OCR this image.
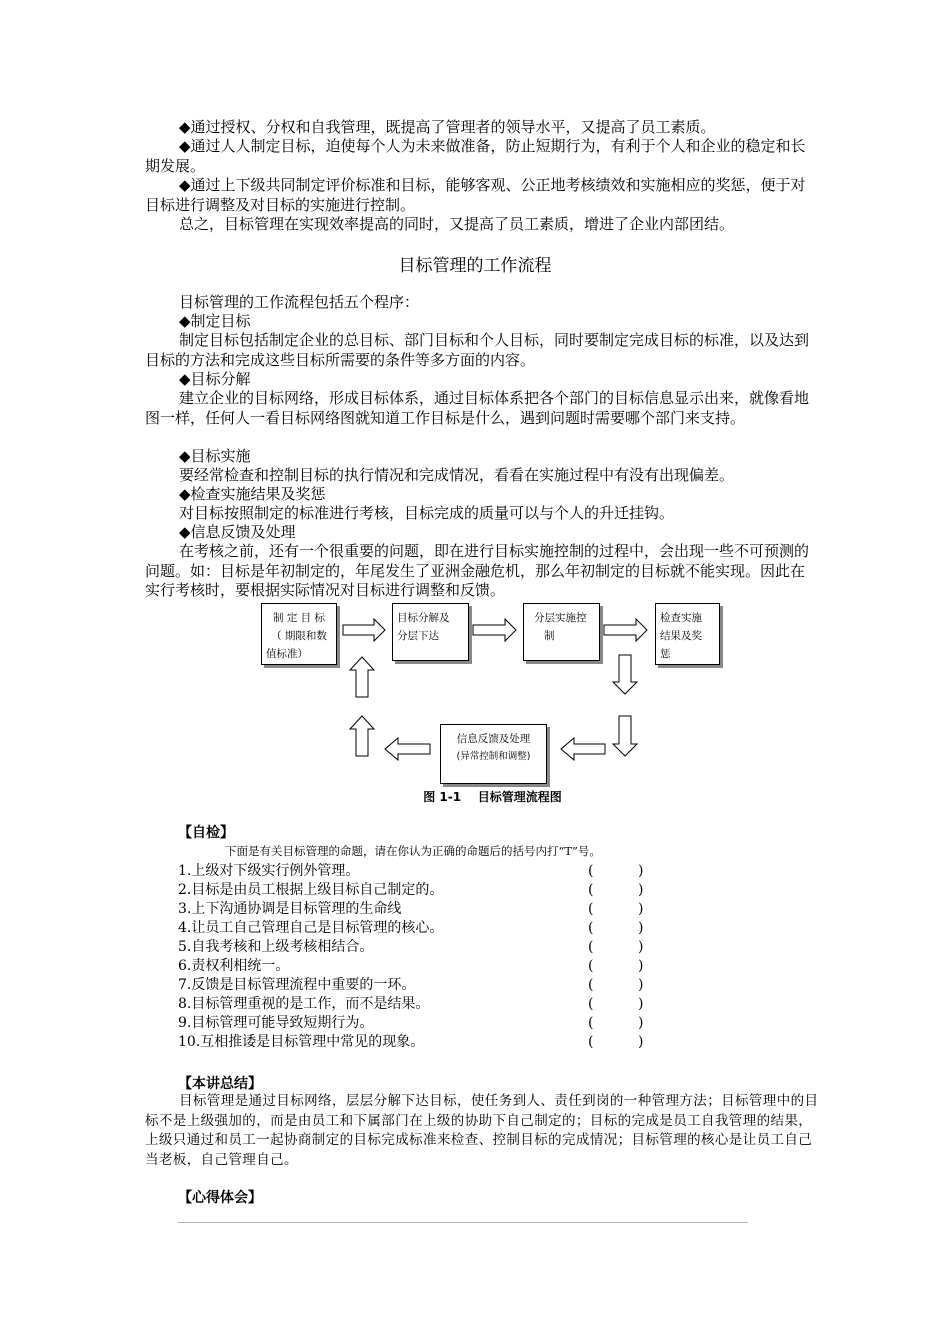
◆通过授权、分权和自我管理，既提高了管理者的领导水平，又提高了员工素质。

◆通过人人制定目标，迫使每个人为未来做准备，防止短期行为，有利于个人和企业的稳定和长期发展。

◆通过上下级共同制定评价标准和目标，能够客观、公正地考核绩效和实施相应的奖惩，便于对目标进行调整及对目标的实施进行控制。

总之，目标管理在实现效率提高的同时，又提高了员工素质，增进了企业内部团结。

目标管理的工作流程

目标管理的工作流程包括五个程序：

◆制定目标

制定目标包括制定企业的总目标、部门目标和个人目标，同时要制定完成目标的标准，以及达到目标的方法和完成这些目标所需要的条件等多方面的内容。

◆目标分解

建立企业的目标网络，形成目标体系，通过目标体系把各个部门的目标信息显示出来，就像看地图一样，任何人一看目标网络图就知道工作目标是什么，遇到问题时需要哪个部门来支持。

◆目标实施

要经常检查和控制目标的执行情况和完成情况，看看在实施过程中有没有出现偏差。

◆检查实施结果及奖惩

对目标按照制定的标准进行考核，目标完成的质量可以与个人的升迁挂钩。

◆信息反馈及处理

在考核之前，还有一个很重要的问题，即在进行目标实施控制的过程中，会出现一些不可预测的问题。如：目标是年初制定的，年尾发生了亚洲金融危机，那么年初制定的目标就不能实现。因此在实行考核时，要根据实际情况对目标进行调整和反馈。

制 定 目 标
（ 期限和数
值标准）
目标分解及
分层下达
分层实施控
制
检查实施
结果及奖
惩
信息反馈及处理
(异常控制和调整)
图 1-1    目标管理流程图
【自检】
下面是有关目标管理的命题，请在你认为正确的命题后的括号内打“T”号。
1.上级对下级实行例外管理。	(          )
2.目标是由员工根据上级目标自己制定的。	(          )
3.上下沟通协调是目标管理的生命线	(          )
4.让员工自己管理自己是目标管理的核心。	(          )
5.自我考核和上级考核相结合。	(          )
6.责权利相统一。	(          )
7.反馈是目标管理流程中重要的一环。	(          )
8.目标管理重视的是工作，而不是结果。	(          )
9.目标管理可能导致短期行为。	(          )
10.互相推诿是目标管理中常见的现象。	(          )
【本讲总结】

目标管理是通过目标网络，层层分解下达目标，使任务到人、责任到岗的一种管理方法；目标管理中的目标不是上级强加的，而是由员工和下属部门在上级的协助下自己制定的；目标的完成是员工自我管理的结果，上级只通过和员工一起协商制定的目标完成标准来检查、控制目标的完成情况；目标管理的核心是让员工自己当老板，自己管理自己。

【心得体会】
